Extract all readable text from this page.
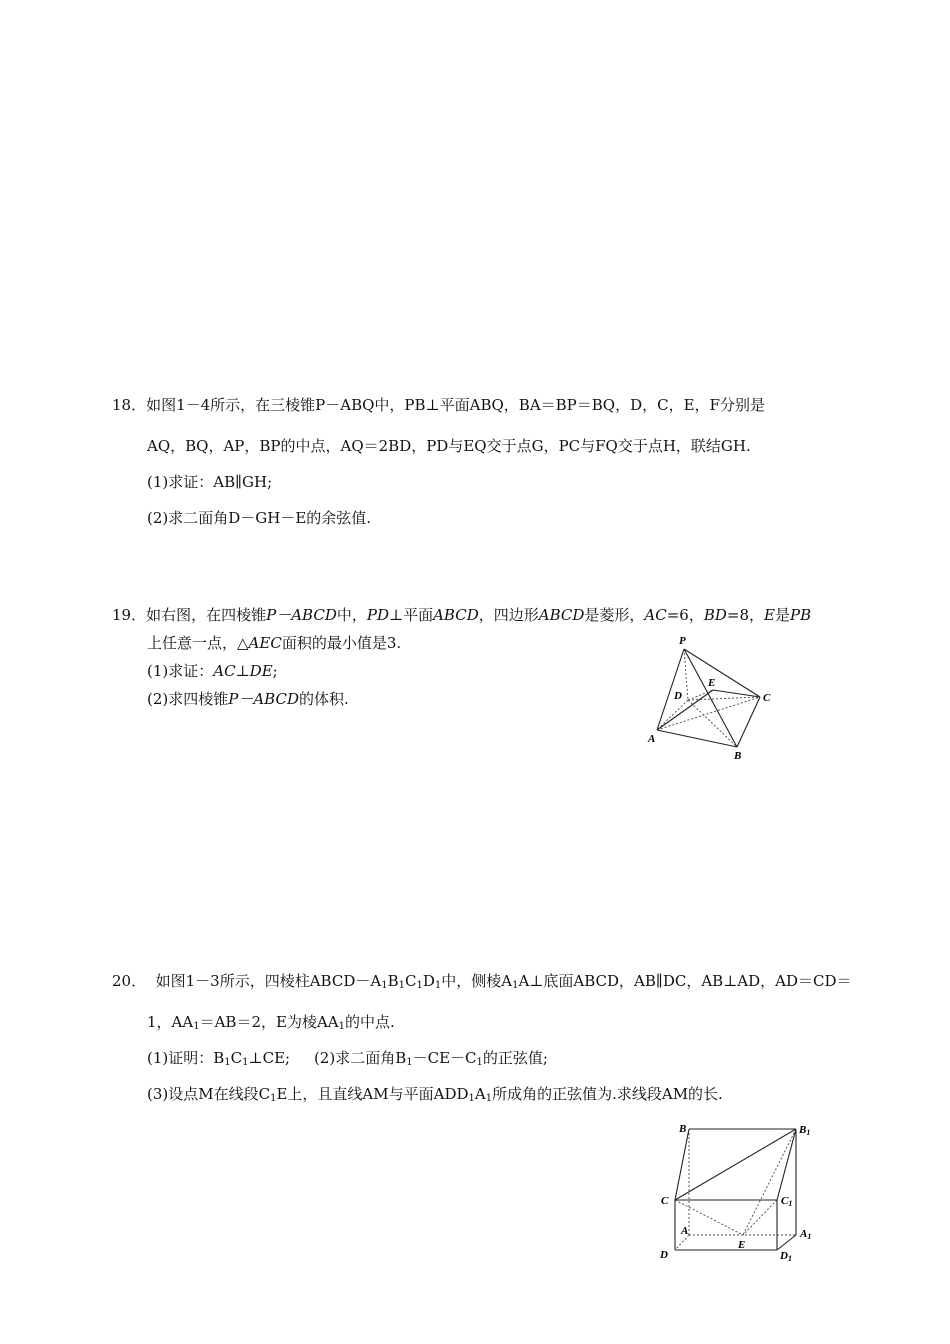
18．如图1－4所示，在三棱锥P－ABQ中，PB⊥平面ABQ，BA＝BP＝BQ，D，C，E，F分别是
AQ，BQ，AP，BP的中点，AQ＝2BD，PD与EQ交于点G，PC与FQ交于点H，联结GH.
(1)求证：AB∥GH;
(2)求二面角D－GH－E的余弦值.
19．如右图，在四棱锥P－ABCD中，PD⊥平面ABCD，四边形ABCD是菱形，AC=6，BD=8，E是PB
上任意一点，△AEC面积的最小值是3.
(1)求证：AC⊥DE;
(2)求四棱锥P－ABCD的体积.
P
D
E
C
A
B
20． 如图1－3所示，四棱柱$ABCD-A_1B_1C_1D_1$中，侧棱$A_1A\perp$底面ABCD，AB∥DC，AB⊥AD，AD＝CD＝
1，$AA_1=AB=2$，E为棱$AA_1$的中点.
(1)证明：$B_1C_1\perp CE$; (2)求二面角$B_1-CE-C_1$的正弦值;
(3)设点M在线段$C_1E$上，且直线AM与平面$ADD_1A_1$所成角的正弦值为.求线段AM的长.
B	B1
C	C1
A	A1
E
D	D1
